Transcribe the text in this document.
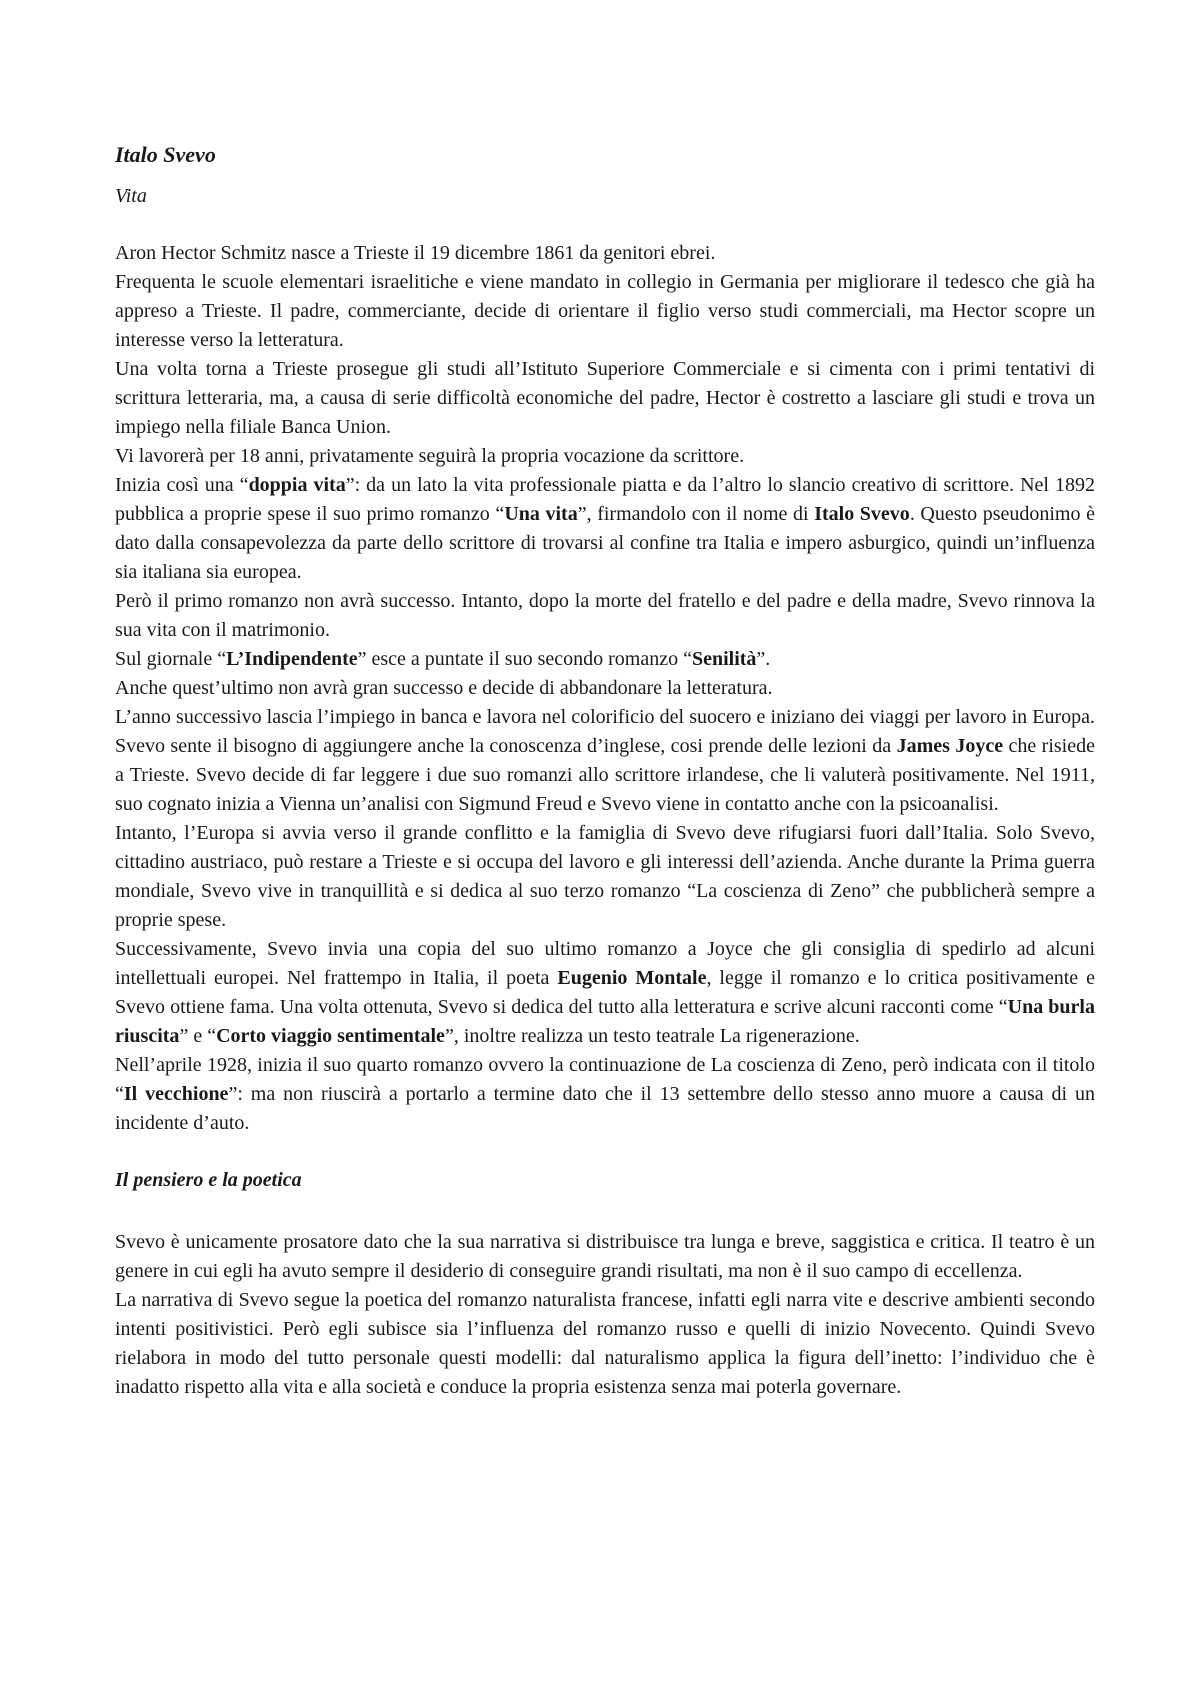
Italo Svevo
Vita

Aron Hector Schmitz nasce a Trieste il 19 dicembre 1861 da genitori ebrei.

Frequenta le scuole elementari israelitiche e viene mandato in collegio in Germania per migliorare il tedesco che già ha appreso a Trieste. Il padre, commerciante, decide di orientare il figlio verso studi commerciali, ma Hector scopre un interesse verso la letteratura.

Una volta torna a Trieste prosegue gli studi all’Istituto Superiore Commerciale e si cimenta con i primi tentativi di scrittura letteraria, ma, a causa di serie difficoltà economiche del padre, Hector è costretto a lasciare gli studi e trova un impiego nella filiale Banca Union.

Vi lavorerà per 18 anni, privatamente seguirà la propria vocazione da scrittore.

Inizia così una “doppia vita”: da un lato la vita professionale piatta e da l’altro lo slancio creativo di scrittore. Nel 1892 pubblica a proprie spese il suo primo romanzo “Una vita”, firmandolo con il nome di Italo Svevo. Questo pseudonimo è dato dalla consapevolezza da parte dello scrittore di trovarsi al confine tra Italia e impero asburgico, quindi un’influenza sia italiana sia europea.

Però il primo romanzo non avrà successo. Intanto, dopo la morte del fratello e del padre e della madre, Svevo rinnova la sua vita con il matrimonio.

Sul giornale “L’Indipendente” esce a puntate il suo secondo romanzo “Senilità”.

Anche quest’ultimo non avrà gran successo e decide di abbandonare la letteratura.

L’anno successivo lascia l’impiego in banca e lavora nel colorificio del suocero e iniziano dei viaggi per lavoro in Europa. Svevo sente il bisogno di aggiungere anche la conoscenza d’inglese, cosi prende delle lezioni da James Joyce che risiede a Trieste. Svevo decide di far leggere i due suo romanzi allo scrittore irlandese, che li valuterà positivamente. Nel 1911, suo cognato inizia a Vienna un’analisi con Sigmund Freud e Svevo viene in contatto anche con la psicoanalisi.

Intanto, l’Europa si avvia verso il grande conflitto e la famiglia di Svevo deve rifugiarsi fuori dall’Italia. Solo Svevo, cittadino austriaco, può restare a Trieste e si occupa del lavoro e gli interessi dell’azienda. Anche durante la Prima guerra mondiale, Svevo vive in tranquillità e si dedica al suo terzo romanzo “La coscienza di Zeno” che pubblicherà sempre a proprie spese.

Successivamente, Svevo invia una copia del suo ultimo romanzo a Joyce che gli consiglia di spedirlo ad alcuni intellettuali europei. Nel frattempo in Italia, il poeta Eugenio Montale, legge il romanzo e lo critica positivamente e Svevo ottiene fama. Una volta ottenuta, Svevo si dedica del tutto alla letteratura e scrive alcuni racconti come “Una burla riuscita” e “Corto viaggio sentimentale”, inoltre realizza un testo teatrale La rigenerazione.

Nell’aprile 1928, inizia il suo quarto romanzo ovvero la continuazione de La coscienza di Zeno, però indicata con il titolo “Il vecchione”: ma non riuscirà a portarlo a termine dato che il 13 settembre dello stesso anno muore a causa di un incidente d’auto.

Il pensiero e la poetica

Svevo è unicamente prosatore dato che la sua narrativa si distribuisce tra lunga e breve, saggistica e critica. Il teatro è un genere in cui egli ha avuto sempre il desiderio di conseguire grandi risultati, ma non è il suo campo di eccellenza.

La narrativa di Svevo segue la poetica del romanzo naturalista francese, infatti egli narra vite e descrive ambienti secondo intenti positivistici. Però egli subisce sia l’influenza del romanzo russo e quelli di inizio Novecento. Quindi Svevo rielabora in modo del tutto personale questi modelli: dal naturalismo applica la figura dell’inetto: l’individuo che è inadatto rispetto alla vita e alla società e conduce la propria esistenza senza mai poterla governare.
